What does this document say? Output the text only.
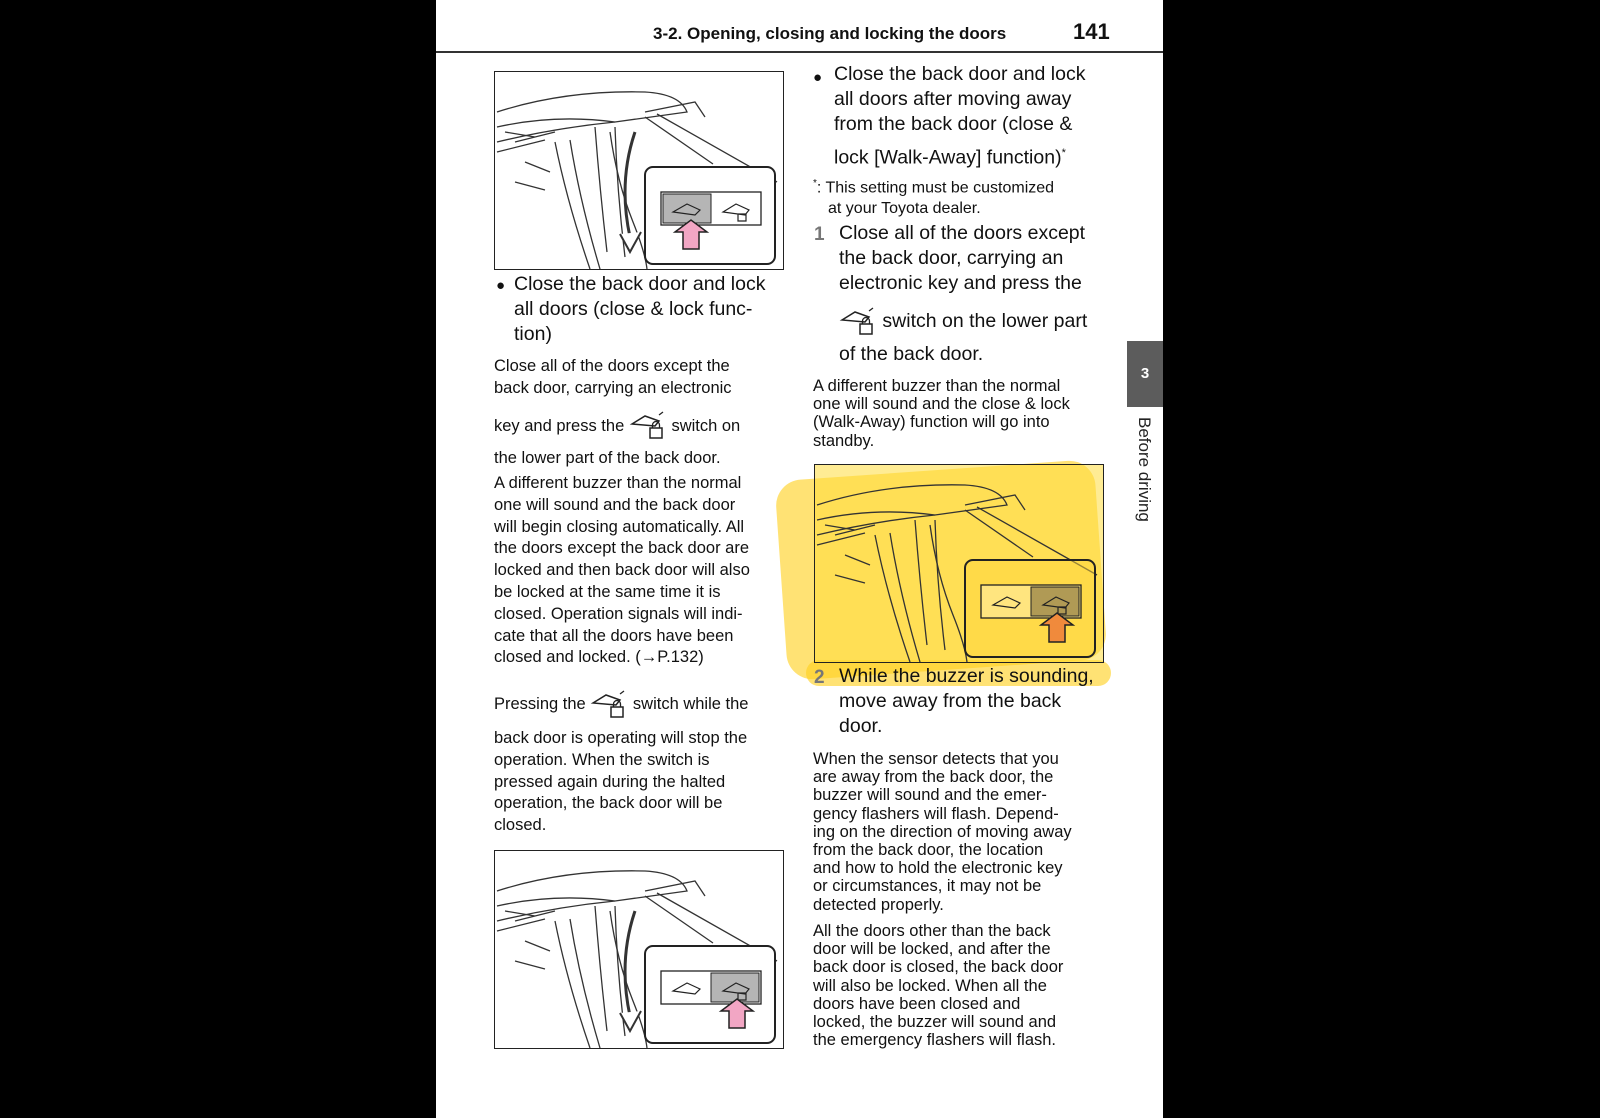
3-2. Opening, closing and locking the doors	141
3
Before driving
● Close the back door and lock
all doors (close & lock func-
tion)
Close all of the doors except the
back door, carrying an electronic
key and press the	switch on
the lower part of the back door.
A different buzzer than the normal
one will sound and the back door
will begin closing automatically. All
the doors except the back door are
locked and then back door will also
be locked at the same time it is
closed. Operation signals will indi-
cate that all the doors have been
closed and locked. (→P.132)
Pressing the	switch while the
back door is operating will stop the
operation. When the switch is
pressed again during the halted
operation, the back door will be
closed.
● Close the back door and lock
all doors after moving away
from the back door (close &
lock [Walk-Away] function)*
*: This setting must be customized
at your Toyota dealer.
1 Close all of the doors except
the back door, carrying an
electronic key and press the
switch on the lower part
of the back door.
A different buzzer than the normal
one will sound and the close & lock
(Walk-Away) function will go into
standby.
2 While the buzzer is sounding,
move away from the back
door.
When the sensor detects that you
are away from the back door, the
buzzer will sound and the emer-
gency flashers will flash. Depend-
ing on the direction of moving away
from the back door, the location
and how to hold the electronic key
or circumstances, it may not be
detected properly.
All the doors other than the back
door will be locked, and after the
back door is closed, the back door
will also be locked. When all the
doors have been closed and
locked, the buzzer will sound and
the emergency flashers will flash.
